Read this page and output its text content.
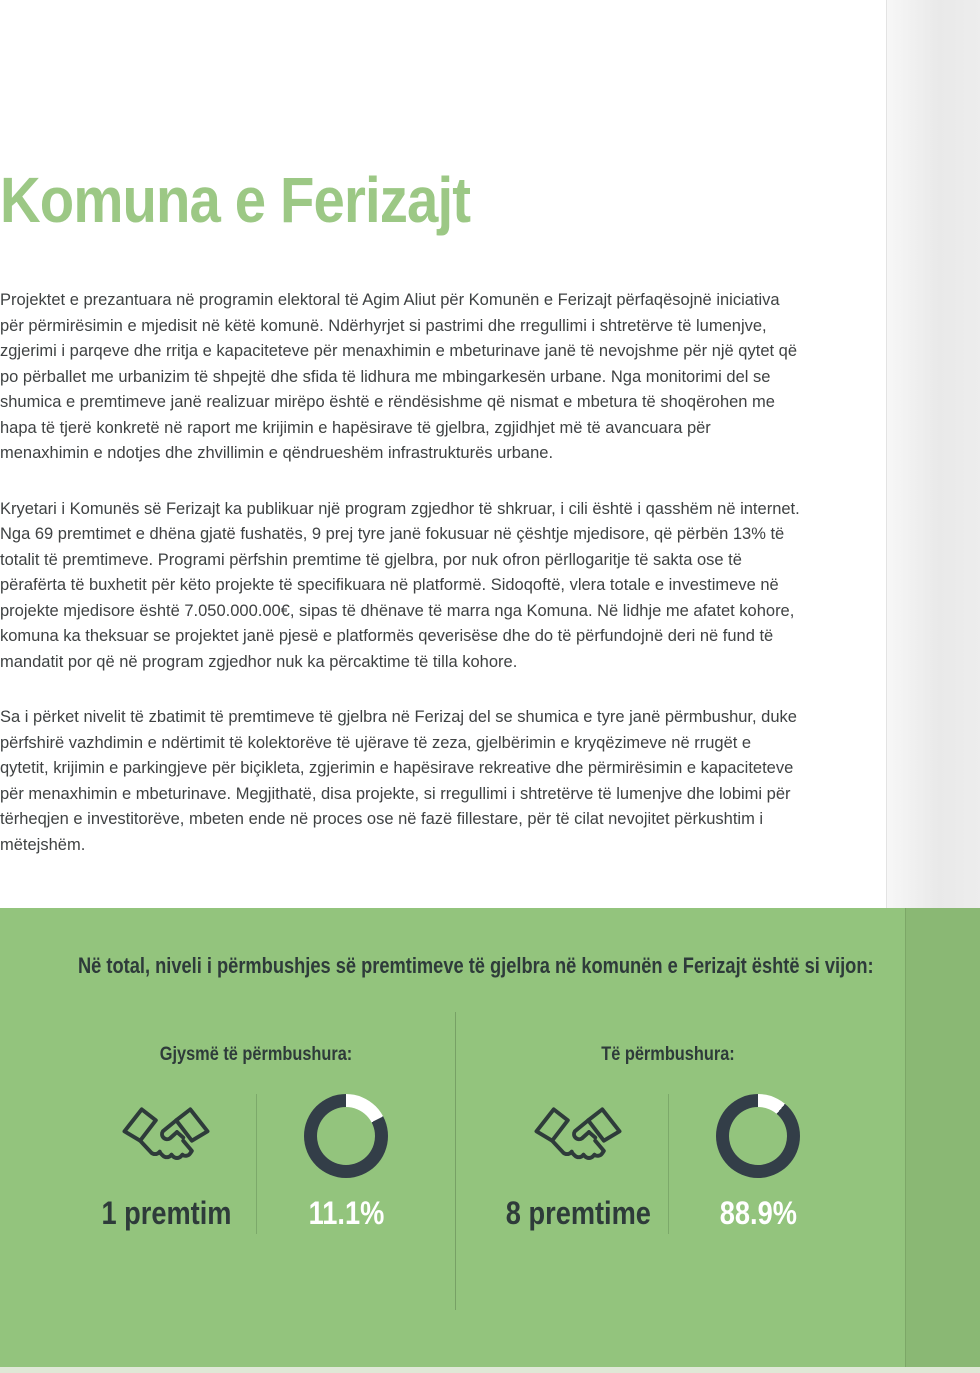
Komuna e Ferizajt

Projektet e prezantuara në programin elektoral të Agim Aliut për Komunën e Ferizajt përfaqësojnë iniciativa për përmirësimin e mjedisit në këtë komunë. Ndërhyrjet si pastrimi dhe rregullimi i shtretërve të lumenjve, zgjerimi i parqeve dhe rritja e kapaciteteve për menaxhimin e mbeturinave janë të nevojshme për një qytet që po përballet me urbanizim të shpejtë dhe sfida të lidhura me mbingarkesën urbane. Nga monitorimi del se shumica e premtimeve janë realizuar mirëpo është e rëndësishme që nismat e mbetura të shoqërohen me hapa të tjerë konkretë në raport me krijimin e hapësirave të gjelbra, zgjidhjet më të avancuara për menaxhimin e ndotjes dhe zhvillimin e qëndrueshëm infrastrukturës urbane.

Kryetari i Komunës së Ferizajt ka publikuar një program zgjedhor të shkruar, i cili është i qasshëm në internet. Nga 69 premtimet e dhëna gjatë fushatës, 9 prej tyre janë fokusuar në çështje mjedisore, që përbën 13% të totalit të premtimeve. Programi përfshin premtime të gjelbra, por nuk ofron përllogaritje të sakta ose të përafërta të buxhetit për këto projekte të specifikuara në platformë. Sidoqoftë, vlera totale e investimeve në projekte mjedisore është 7.050.000.00€, sipas të dhënave të marra nga Komuna. Në lidhje me afatet kohore, komuna ka theksuar se projektet janë pjesë e platformës qeverisëse dhe do të përfundojnë deri në fund të mandatit por që në program zgjedhor nuk ka përcaktime të tilla kohore.

Sa i përket nivelit të zbatimit të premtimeve të gjelbra në Ferizaj del se shumica e tyre janë përmbushur, duke përfshirë vazhdimin e ndërtimit të kolektorëve të ujërave të zeza, gjelbërimin e kryqëzimeve në rrugët e qytetit, krijimin e parkingjeve për biçikleta, zgjerimin e hapësirave rekreative dhe përmirësimin e kapaciteteve për menaxhimin e mbeturinave. Megjithatë, disa projekte, si rregullimi i shtretërve të lumenjve dhe lobimi për tërheqjen e investitorëve, mbeten ende në proces ose në fazë fillestare, për të cilat nevojitet përkushtim i mëtejshëm.

Në total, niveli i përmbushjes së premtimeve të gjelbra në komunën e Ferizajt është si vijon:
Gjysmë të përmbushura:
1 premtim 11.1%
Të përmbushura:
8 premtime 88.9%
